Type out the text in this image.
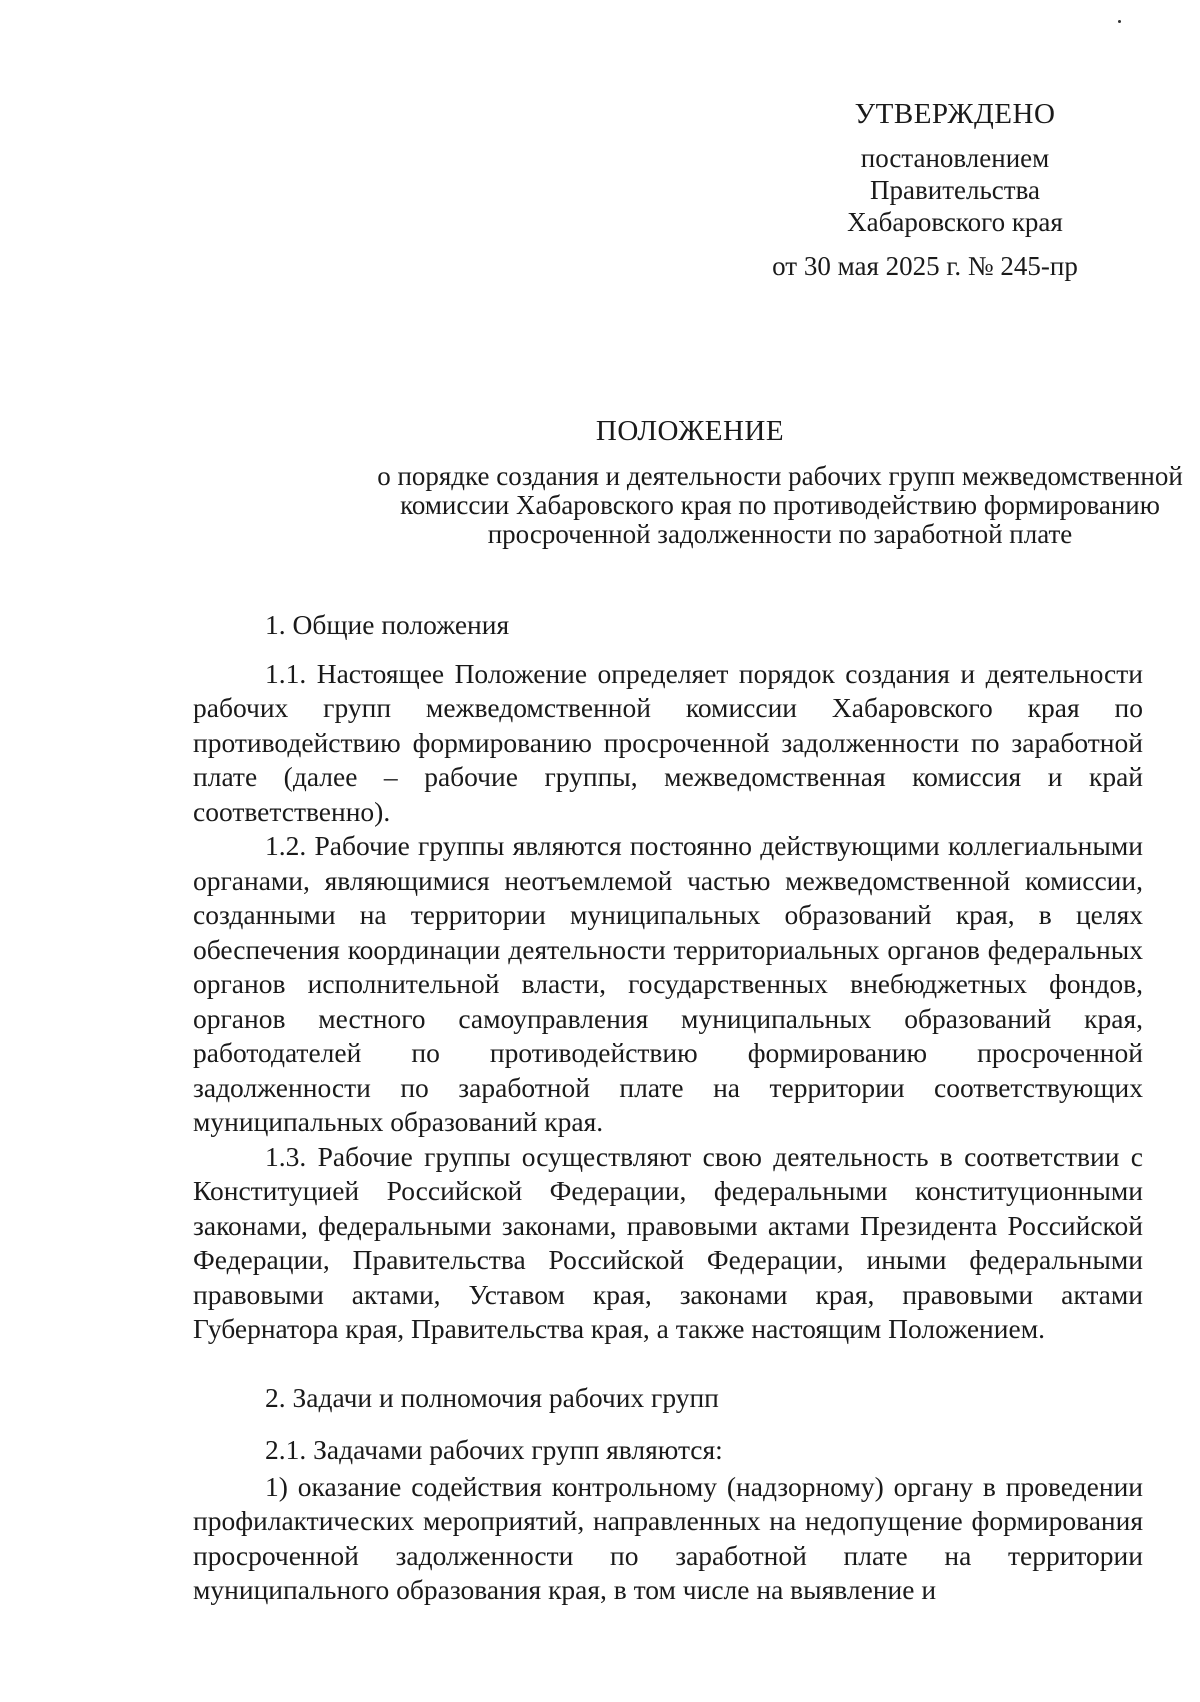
УТВЕРЖДЕНО
постановлением
Правительства
Хабаровского края
от 30 мая 2025 г. № 245-пр
ПОЛОЖЕНИЕ
о порядке создания и деятельности рабочих групп межведомственной комиссии Хабаровского края по противодействию формированию просроченной задолженности по заработной плате
1. Общие положения

1.1. Настоящее Положение определяет порядок создания и деятельности рабочих групп межведомственной комиссии Хабаровского края по противодействию формированию просроченной задолженности по заработной плате (далее – рабочие группы, межведомственная комиссия и край соответственно).

1.2. Рабочие группы являются постоянно действующими коллегиальными органами, являющимися неотъемлемой частью межведомственной комиссии, созданными на территории муниципальных образований края, в целях обеспечения координации деятельности территориальных органов федеральных органов исполнительной власти, государственных внебюджетных фондов, органов местного самоуправления муниципальных образований края, работодателей по противодействию формированию просроченной задолженности по заработной плате на территории соответствующих муниципальных образований края.

1.3. Рабочие группы осуществляют свою деятельность в соответствии с Конституцией Российской Федерации, федеральными конституционными законами, федеральными законами, правовыми актами Президента Российской Федерации, Правительства Российской Федерации, иными федеральными правовыми актами, Уставом края, законами края, правовыми актами Губернатора края, Правительства края, а также настоящим Положением.

2. Задачи и полномочия рабочих групп

2.1. Задачами рабочих групп являются:

1) оказание содействия контрольному (надзорному) органу в проведении профилактических мероприятий, направленных на недопущение формирования просроченной задолженности по заработной плате на территории муниципального образования края, в том числе на выявление и
